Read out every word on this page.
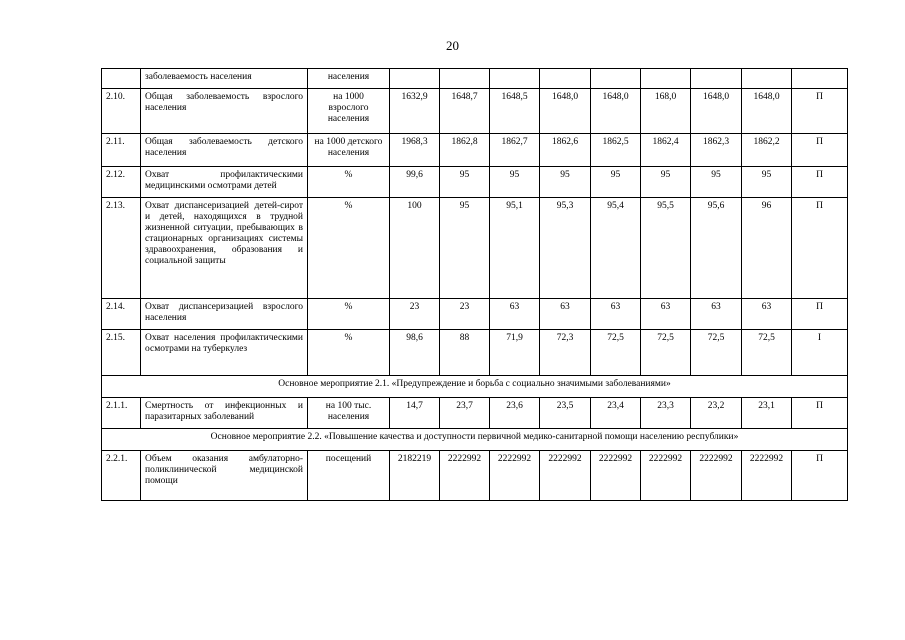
20
	заболеваемость населения	населения									
2.10.	Общая заболеваемость взрослого населения	на 1000 взрослого населения	1632,9	1648,7	1648,5	1648,0	1648,0	168,0	1648,0	1648,0	П
2.11.	Общая заболеваемость детского населения	на 1000 детского населения	1968,3	1862,8	1862,7	1862,6	1862,5	1862,4	1862,3	1862,2	П
2.12.	Охват профилактическими медицинскими осмотрами детей	%	99,6	95	95	95	95	95	95	95	П
2.13.	Охват диспансеризацией детей-сирот и детей, находящихся в трудной жизненной ситуации, пребывающих в стационарных организациях системы здравоохранения, образования и социальной защиты	%	100	95	95,1	95,3	95,4	95,5	95,6	96	П
2.14.	Охват диспансеризацией взрослого населения	%	23	23	63	63	63	63	63	63	П
2.15.	Охват населения профилактическими осмотрами на туберкулез	%	98,6	88	71,9	72,3	72,5	72,5	72,5	72,5	I
Основное мероприятие 2.1. «Предупреждение и борьба с социально значимыми заболеваниями»											
2.1.1.	Смертность от инфекционных и паразитарных заболеваний	на 100 тыс. населения	14,7	23,7	23,6	23,5	23,4	23,3	23,2	23,1	П
Основное мероприятие 2.2. «Повышение качества и доступности первичной медико-санитарной помощи населению республики»											
2.2.1.	Объем оказания амбулаторно-поликлинической медицинской помощи	посещений	2182219	2222992	2222992	2222992	2222992	2222992	2222992	2222992	П
